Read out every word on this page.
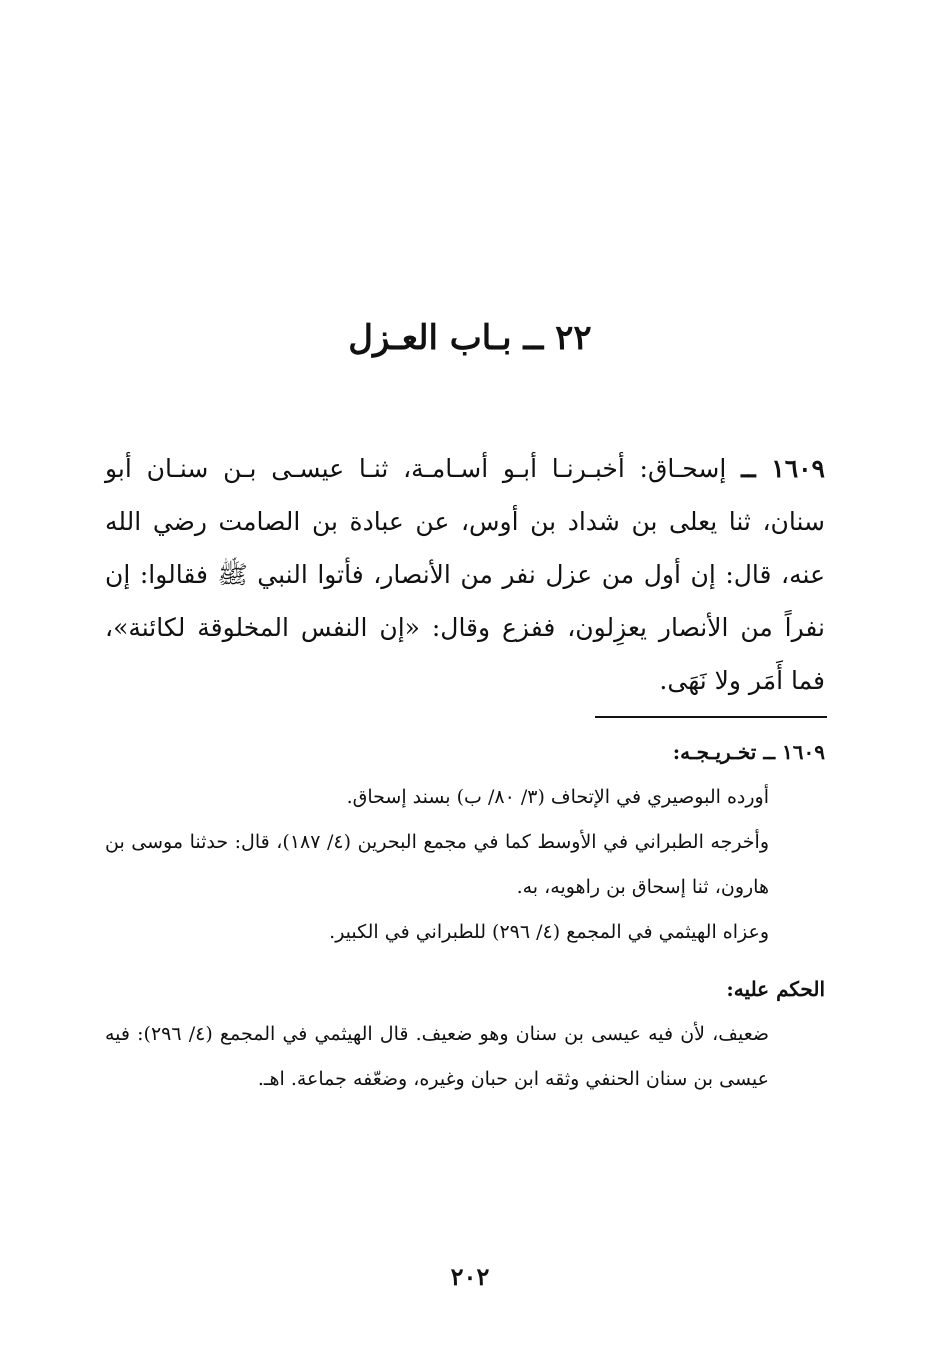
٢٢ ــ بـاب العـزل

١٦٠٩ ــ إسحـاق: أخبـرنـا أبـو أسـامـة، ثنـا عيسـى بـن سنـان أبو سنان، ثنا يعلى بن شداد بن أوس، عن عبادة بن الصامت رضي الله عنه، قال: إن أول من عزل نفر من الأنصار، فأتوا النبي ﷺ فقالوا: إن نفراً من الأنصار يعزِلون، ففزع وقال: «إن النفس المخلوقة لكائنة»، فما أَمَر ولا نَهَى.

١٦٠٩ ــ تخـريـجـه:

أورده البوصيري في الإتحاف (٣/ ٨٠/ ب) بسند إسحاق.

وأخرجه الطبراني في الأوسط كما في مجمع البحرين (٤/ ١٨٧)، قال: حدثنا موسى بن هارون، ثنا إسحاق بن راهويه، به.

وعزاه الهيثمي في المجمع (٤/ ٢٩٦) للطبراني في الكبير.

الحكم عليه:

ضعيف، لأن فيه عيسى بن سنان وهو ضعيف. قال الهيثمي في المجمع (٤/ ٢٩٦): فيه عيسى بن سنان الحنفي وثقه ابن حبان وغيره، وضعّفه جماعة. اهـ.

٢٠٢
